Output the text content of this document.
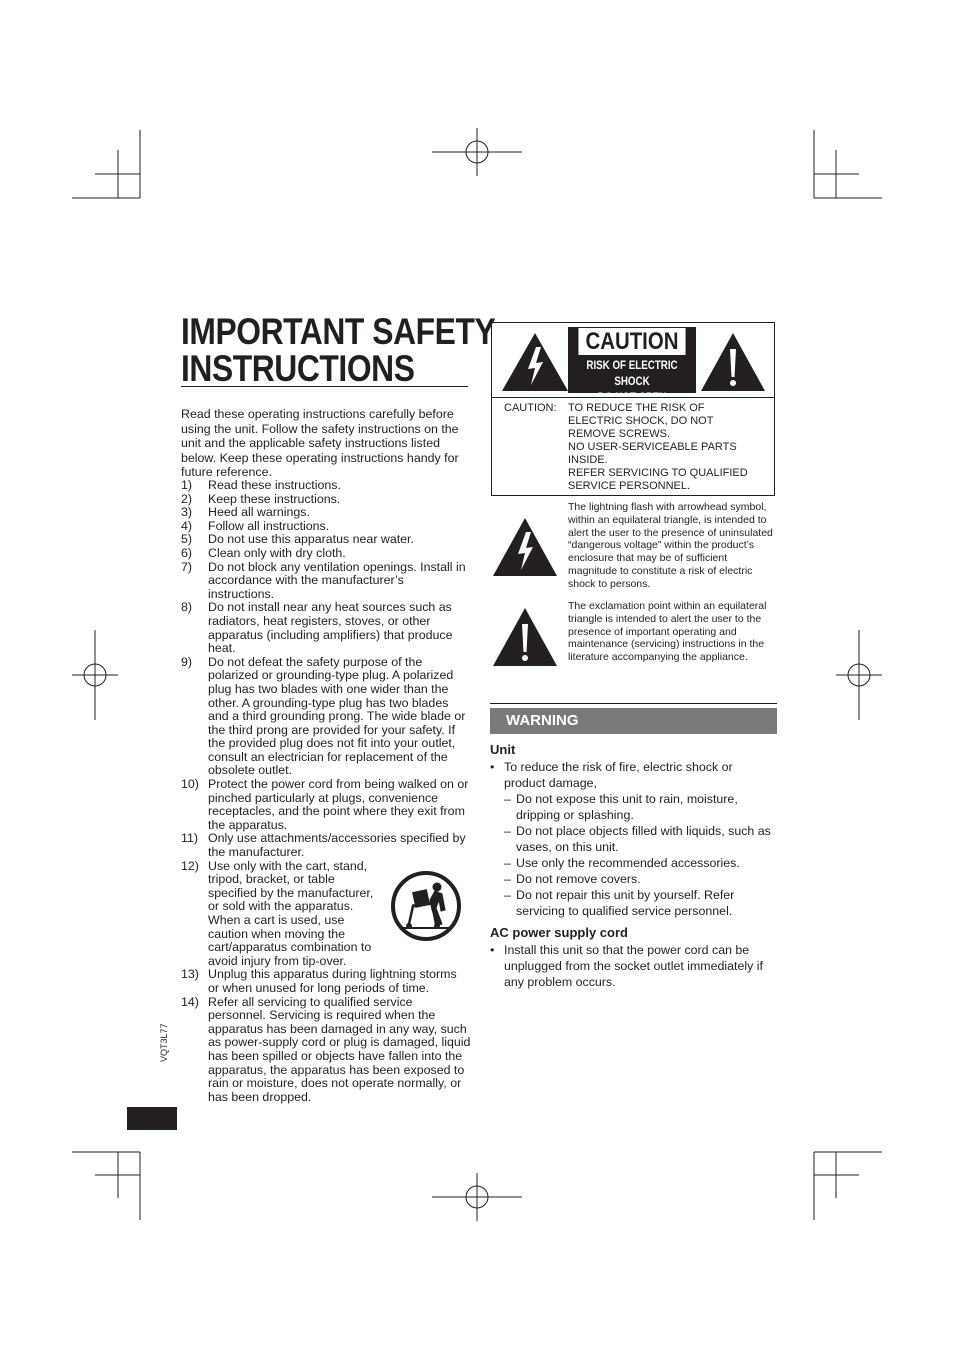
IMPORTANT SAFETY
INSTRUCTIONS
Read these operating instructions carefully before using the unit. Follow the safety instructions on the unit and the applicable safety instructions listed below. Keep these operating instructions handy for future reference.
1) Read these instructions.
2) Keep these instructions.
3) Heed all warnings.
4) Follow all instructions.
5) Do not use this apparatus near water.
6) Clean only with dry cloth.
7) Do not block any ventilation openings. Install in accordance with the manufacturer’s instructions.
8) Do not install near any heat sources such as radiators, heat registers, stoves, or other apparatus (including amplifiers) that produce heat.
9) Do not defeat the safety purpose of the polarized or grounding-type plug. A polarized plug has two blades with one wider than the other. A grounding-type plug has two blades and a third grounding prong. The wide blade or the third prong are provided for your safety. If the provided plug does not fit into your outlet, consult an electrician for replacement of the obsolete outlet.
10) Protect the power cord from being walked on or pinched particularly at plugs, convenience receptacles, and the point where they exit from the apparatus.
11) Only use attachments/accessories specified by the manufacturer.
12) Use only with the cart, stand, tripod, bracket, or table specified by the manufacturer, or sold with the apparatus. When a cart is used, use caution when moving the cart/apparatus combination to avoid injury from tip-over.
13) Unplug this apparatus during lightning storms or when unused for long periods of time.
14) Refer all servicing to qualified service personnel. Servicing is required when the apparatus has been damaged in any way, such as power-supply cord or plug is damaged, liquid has been spilled or objects have fallen into the apparatus, the apparatus has been exposed to rain or moisture, does not operate normally, or has been dropped.
CAUTION
RISK OF ELECTRIC SHOCK
DO NOT OPEN
CAUTION: TO REDUCE THE RISK OF
ELECTRIC SHOCK, DO NOT
REMOVE SCREWS.
NO USER-SERVICEABLE PARTS
INSIDE.
REFER SERVICING TO QUALIFIED
SERVICE PERSONNEL.
The lightning flash with arrowhead symbol, within an equilateral triangle, is intended to alert the user to the presence of uninsulated “dangerous voltage” within the product’s enclosure that may be of sufficient magnitude to constitute a risk of electric shock to persons.
The exclamation point within an equilateral triangle is intended to alert the user to the presence of important operating and maintenance (servicing) instructions in the literature accompanying the appliance.
WARNING
Unit
• To reduce the risk of fire, electric shock or product damage,
– Do not expose this unit to rain, moisture, dripping or splashing.
– Do not place objects filled with liquids, such as vases, on this unit.
– Use only the recommended accessories.
– Do not remove covers.
– Do not repair this unit by yourself. Refer servicing to qualified service personnel.
AC power supply cord
• Install this unit so that the power cord can be unplugged from the socket outlet immediately if any problem occurs.
VQT3L77
